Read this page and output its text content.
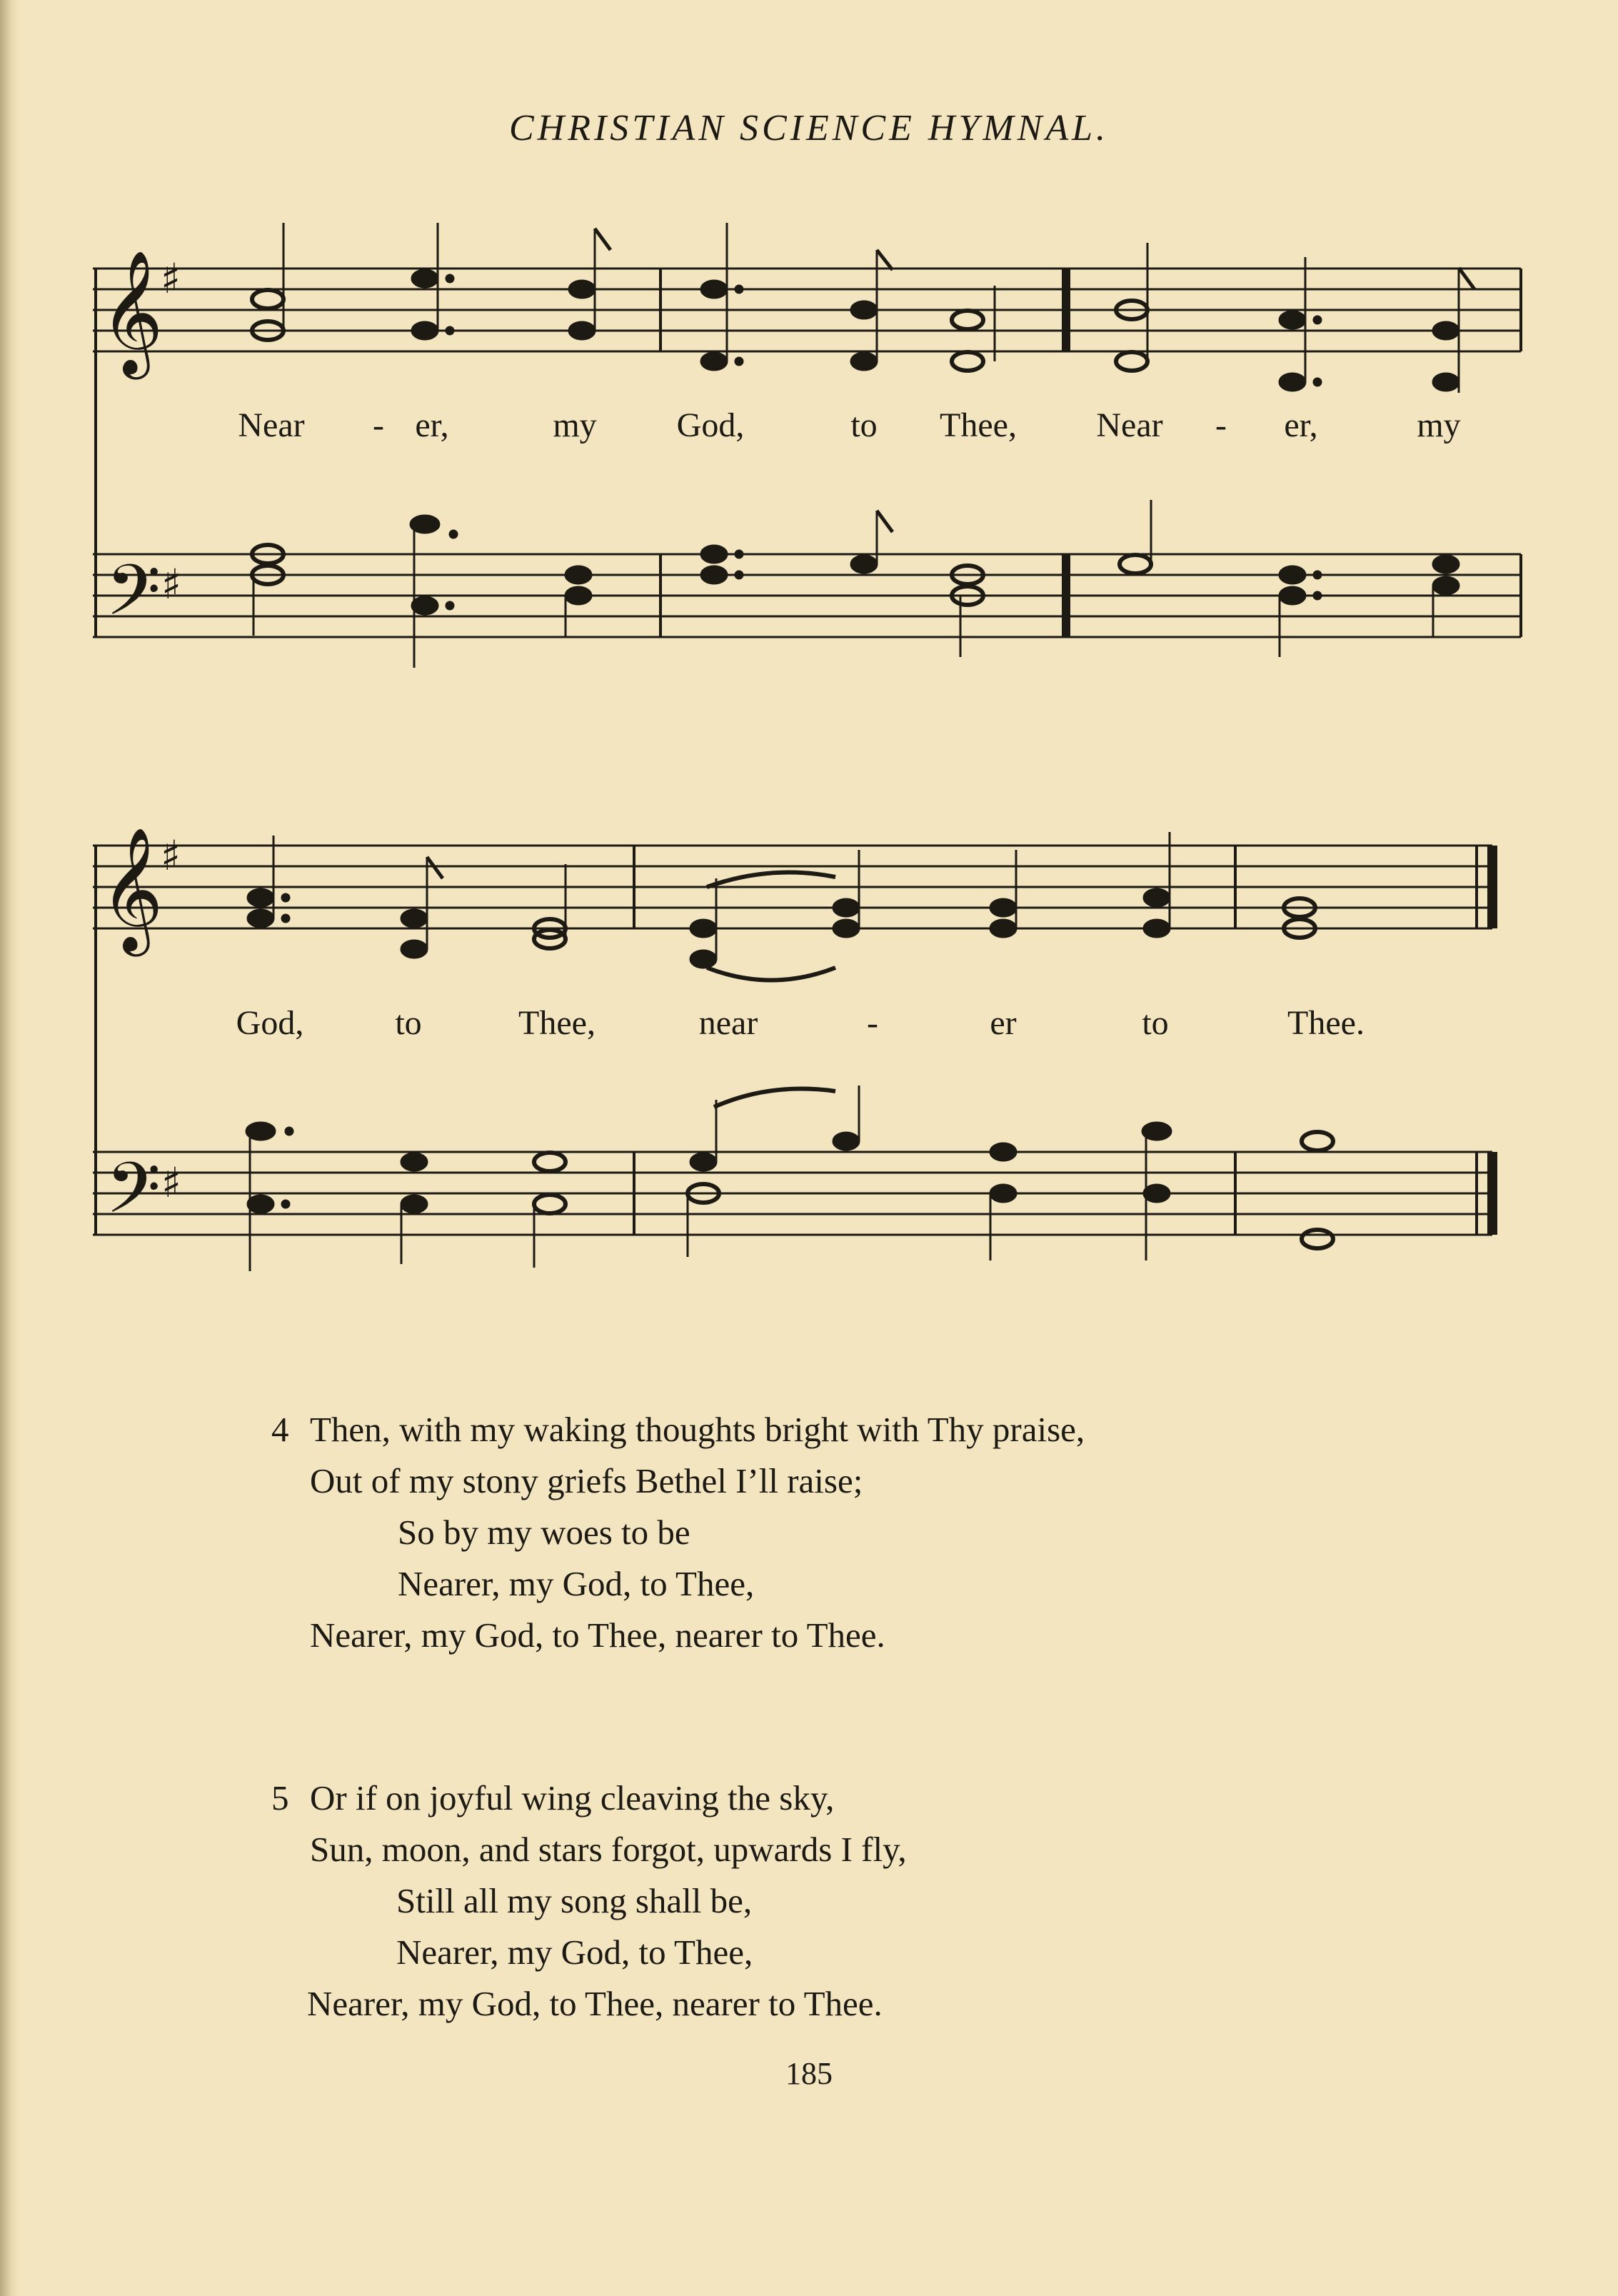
CHRISTIAN SCIENCE HYMNAL.
𝄞
𝄢
♯
♯
𝄞
𝄢
♯
♯
Near - er,	my God,	to Thee, Near - er,	my
God,	to	Thee,	near	-	er	to	Thee.
4 Then, with my waking thoughts bright with Thy praise,
Out of my stony griefs Bethel I’ll raise;
So by my woes to be
Nearer, my God, to Thee,
Nearer, my God, to Thee, nearer to Thee.
5 Or if on joyful wing cleaving the sky,
Sun, moon, and stars forgot, upwards I fly,
Still all my song shall be,
Nearer, my God, to Thee,
Nearer, my God, to Thee, nearer to Thee.
185
